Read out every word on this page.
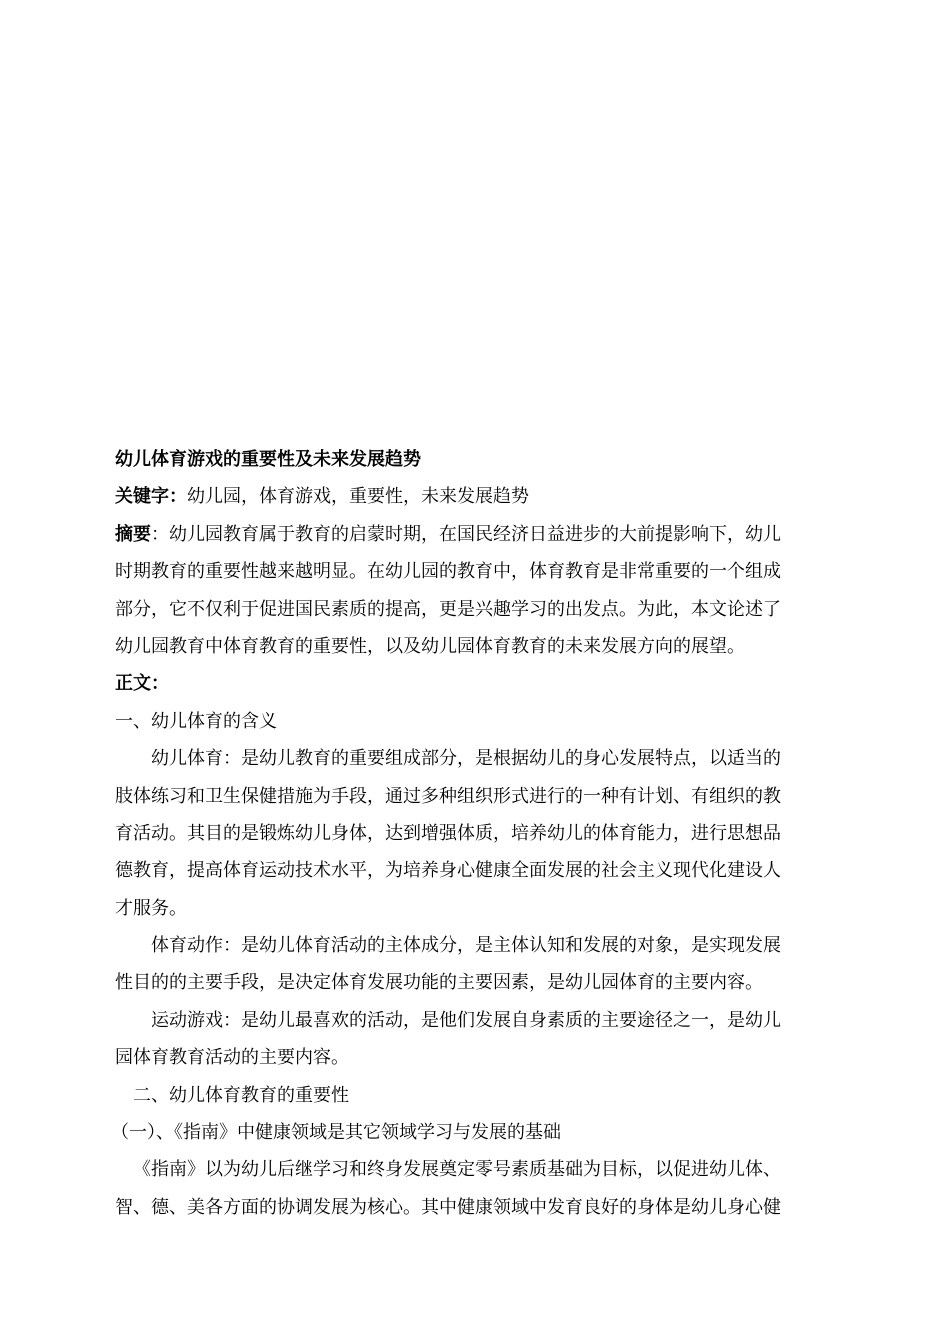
幼儿体育游戏的重要性及未来发展趋势
关键字：幼儿园，体育游戏，重要性，未来发展趋势
摘要：幼儿园教育属于教育的启蒙时期，在国民经济日益进步的大前提影响下，幼儿
时期教育的重要性越来越明显。在幼儿园的教育中，体育教育是非常重要的一个组成
部分，它不仅利于促进国民素质的提高，更是兴趣学习的出发点。为此，本文论述了
幼儿园教育中体育教育的重要性，以及幼儿园体育教育的未来发展方向的展望。
正文：
一、幼儿体育的含义
幼儿体育：是幼儿教育的重要组成部分，是根据幼儿的身心发展特点，以适当的
肢体练习和卫生保健措施为手段，通过多种组织形式进行的一种有计划、有组织的教
育活动。其目的是锻炼幼儿身体，达到增强体质，培养幼儿的体育能力，进行思想品
德教育，提高体育运动技术水平，为培养身心健康全面发展的社会主义现代化建设人
才服务。
体育动作：是幼儿体育活动的主体成分，是主体认知和发展的对象，是实现发展
性目的的主要手段，是决定体育发展功能的主要因素，是幼儿园体育的主要内容。
运动游戏：是幼儿最喜欢的活动，是他们发展自身素质的主要途径之一，是幼儿
园体育教育活动的主要内容。
二、幼儿体育教育的重要性
（一）、《指南》中健康领域是其它领域学习与发展的基础
《指南》以为幼儿后继学习和终身发展奠定零号素质基础为目标，以促进幼儿体、
智、德、美各方面的协调发展为核心。其中健康领域中发育良好的身体是幼儿身心健
